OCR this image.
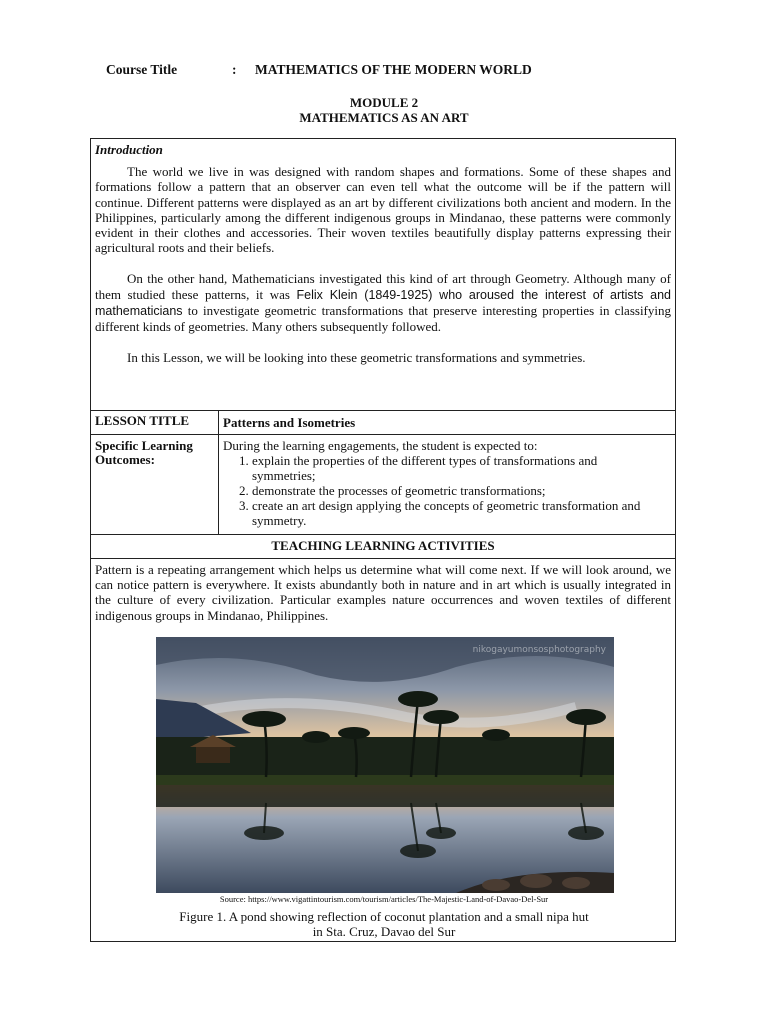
Course Title	: MATHEMATICS OF THE MODERN WORLD
MODULE 2
MATHEMATICS AS AN ART
Introduction

The world we live in was designed with random shapes and formations. Some of these shapes and formations follow a pattern that an observer can even tell what the outcome will be if the pattern will continue. Different patterns were displayed as an art by different civilizations both ancient and modern. In the Philippines, particularly among the different indigenous groups in Mindanao, these patterns were commonly evident in their clothes and accessories. Their woven textiles beautifully display patterns expressing their agricultural roots and their beliefs.

On the other hand, Mathematicians investigated this kind of art through Geometry. Although many of them studied these patterns, it was Felix Klein (1849-1925) who aroused the interest of artists and mathematicians to investigate geometric transformations that preserve interesting properties in classifying different kinds of geometries. Many others subsequently followed.

In this Lesson, we will be looking into these geometric transformations and symmetries.

LESSON TITLE	Patterns and Isometries
Specific Learning Outcomes:
During the learning engagements, the student is expected to:
1. explain the properties of the different types of transformations and symmetries;
2. demonstrate the processes of geometric transformations;
3. create an art design applying the concepts of geometric transformation and symmetry.
TEACHING LEARNING ACTIVITIES

Pattern is a repeating arrangement which helps us determine what will come next. If we will look around, we can notice pattern is everywhere. It exists abundantly both in nature and in art which is usually integrated in the culture of every civilization. Particular examples nature occurrences and woven textiles of different indigenous groups in Mindanao, Philippines.

nikogayumonsosphotography
Source: https://www.vigattintourism.com/tourism/articles/The-Majestic-Land-of-Davao-Del-Sur
Figure 1. A pond showing reflection of coconut plantation and a small nipa hut
in Sta. Cruz, Davao del Sur
